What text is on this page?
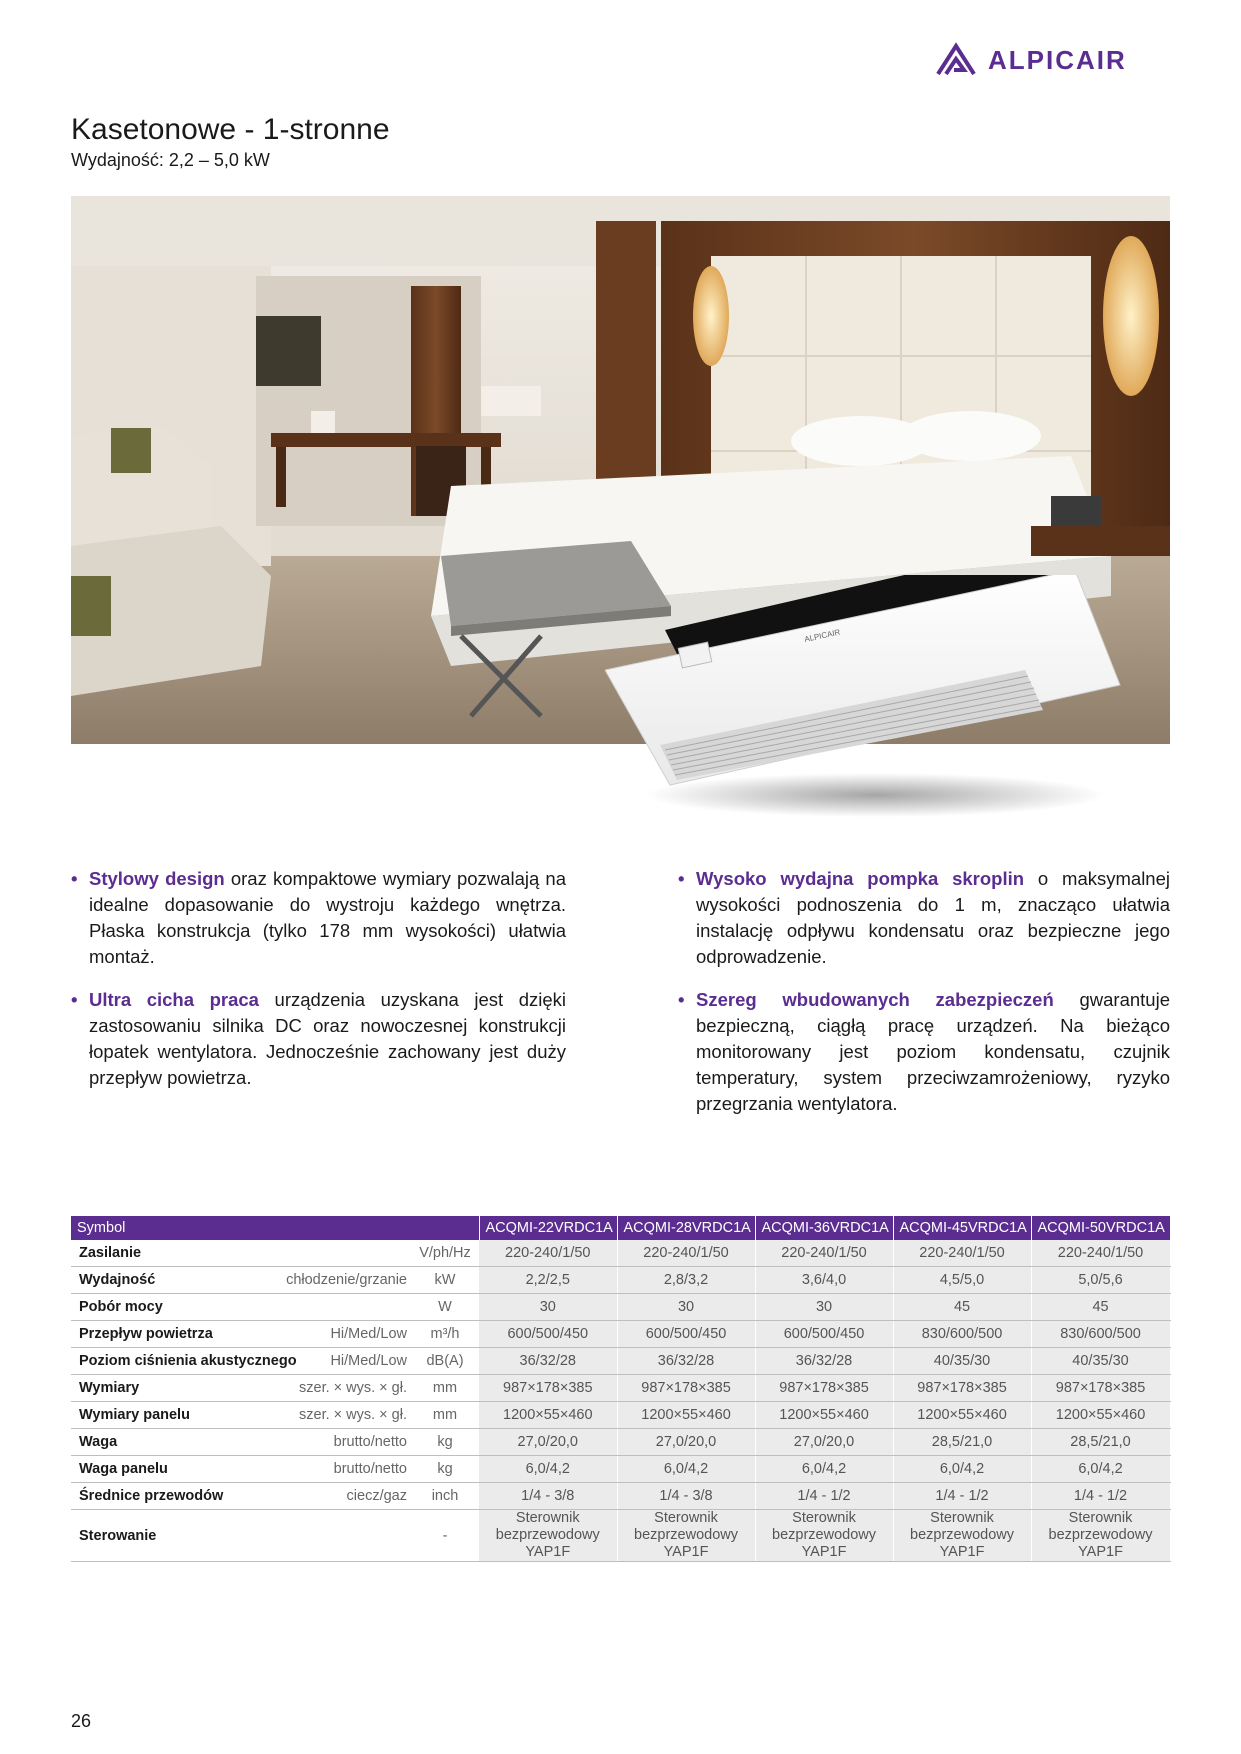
ALPICAIR
Kasetonowe - 1-stronne
Wydajność: 2,2 – 5,0 kW
ALPICAIR
• Stylowy design oraz kompaktowe wymiary pozwalają na idealne dopasowanie do wystroju każdego wnętrza. Płaska konstrukcja (tylko 178 mm wysokości) ułatwia montaż.
• Ultra cicha praca urządzenia uzyskana jest dzięki zastosowaniu silnika DC oraz nowoczesnej konstrukcji łopatek wentylatora. Jednocześnie zachowany jest duży przepływ powietrza.
• Wysoko wydajna pompka skroplin o maksymalnej wysokości podnoszenia do 1 m, znacząco ułatwia instalację odpływu kondensatu oraz bezpieczne jego odprowadzenie.
• Szereg wbudowanych zabezpieczeń gwarantuje bezpieczną, ciągłą pracę urządzeń. Na bieżąco monitorowany jest poziom kondensatu, czujnik temperatury, system przeciwzamrożeniowy, ryzyko przegrzania wentylatora.
Symbol			ACQMI-22VRDC1A	ACQMI-28VRDC1A	ACQMI-36VRDC1A	ACQMI-45VRDC1A	ACQMI-50VRDC1A
Zasilanie		V/ph/Hz	220-240/1/50	220-240/1/50	220-240/1/50	220-240/1/50	220-240/1/50
Wydajność	chłodzenie/grzanie	kW	2,2/2,5	2,8/3,2	3,6/4,0	4,5/5,0	5,0/5,6
Pobór mocy		W	30	30	30	45	45
Przepływ powietrza	Hi/Med/Low	m³/h	600/500/450	600/500/450	600/500/450	830/600/500	830/600/500
Poziom ciśnienia akustycznego	Hi/Med/Low	dB(A)	36/32/28	36/32/28	36/32/28	40/35/30	40/35/30
Wymiary	szer. × wys. × gł.	mm	987×178×385	987×178×385	987×178×385	987×178×385	987×178×385
Wymiary panelu	szer. × wys. × gł.	mm	1200×55×460	1200×55×460	1200×55×460	1200×55×460	1200×55×460
Waga	brutto/netto	kg	27,0/20,0	27,0/20,0	27,0/20,0	28,5/21,0	28,5/21,0
Waga panelu	brutto/netto	kg	6,0/4,2	6,0/4,2	6,0/4,2	6,0/4,2	6,0/4,2
Średnice przewodów	ciecz/gaz	inch	1/4 - 3/8	1/4 - 3/8	1/4 - 1/2	1/4 - 1/2	1/4 - 1/2
Sterowanie		-	Sterownik bezprzewodowy YAP1F	Sterownik bezprzewodowy YAP1F	Sterownik bezprzewodowy YAP1F	Sterownik bezprzewodowy YAP1F	Sterownik bezprzewodowy YAP1F
26
